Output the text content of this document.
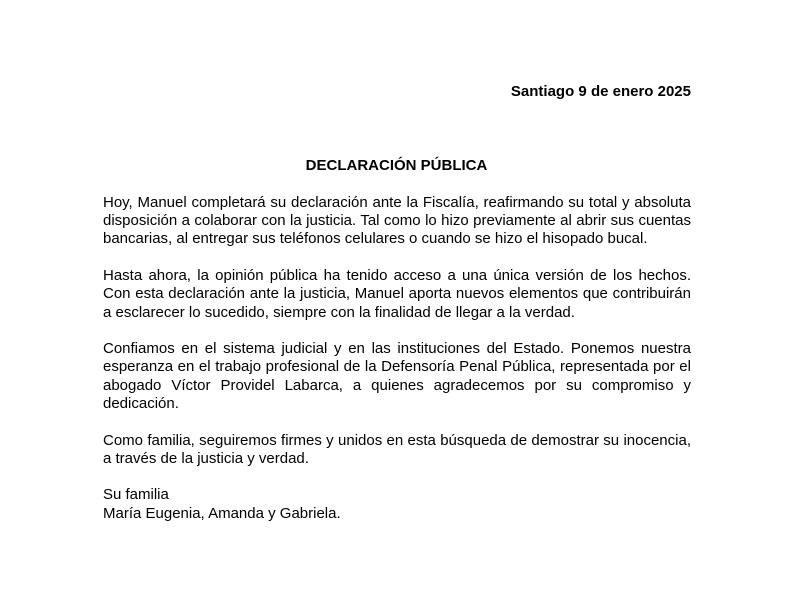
Santiago 9 de enero 2025
DECLARACIÓN PÚBLICA

Hoy, Manuel completará su declaración ante la Fiscalía, reafirmando su total y absoluta disposición a colaborar con la justicia. Tal como lo hizo previamente al abrir sus cuentas bancarias, al entregar sus teléfonos celulares o cuando se hizo el hisopado bucal.

Hasta ahora, la opinión pública ha tenido acceso a una única versión de los hechos. Con esta declaración ante la justicia, Manuel aporta nuevos elementos que contribuirán a esclarecer lo sucedido, siempre con la finalidad de llegar a la verdad.

Confiamos en el sistema judicial y en las instituciones del Estado. Ponemos nuestra esperanza en el trabajo profesional de la Defensoría Penal Pública, representada por el abogado Víctor Providel Labarca, a quienes agradecemos por su compromiso y dedicación.

Como familia, seguiremos firmes y unidos en esta búsqueda de demostrar su inocencia, a través de la justicia y verdad.

Su familia
María Eugenia, Amanda y Gabriela.
